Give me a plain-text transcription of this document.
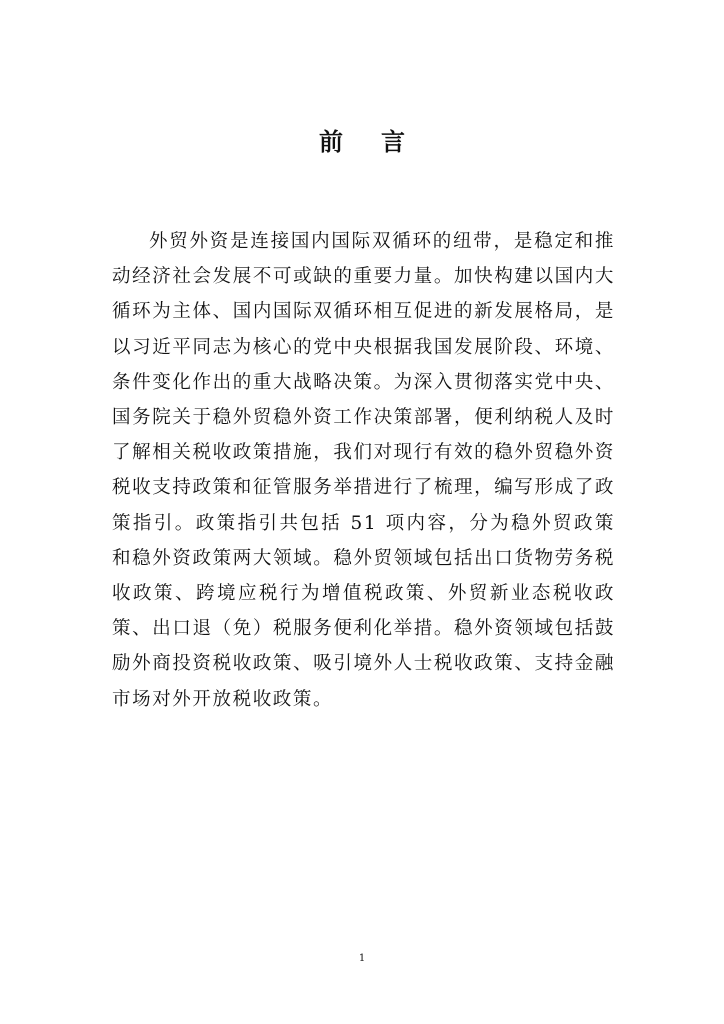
前 言

外贸外资是连接国内国际双循环的纽带，是稳定和推动经济社会发展不可或缺的重要力量。加快构建以国内大循环为主体、国内国际双循环相互促进的新发展格局，是以习近平同志为核心的党中央根据我国发展阶段、环境、条件变化作出的重大战略决策。为深入贯彻落实党中央、国务院关于稳外贸稳外资工作决策部署，便利纳税人及时了解相关税收政策措施，我们对现行有效的稳外贸稳外资税收支持政策和征管服务举措进行了梳理，编写形成了政策指引。政策指引共包括 51 项内容，分为稳外贸政策和稳外资政策两大领域。稳外贸领域包括出口货物劳务税收政策、跨境应税行为增值税政策、外贸新业态税收政策、出口退（免）税服务便利化举措。稳外资领域包括鼓励外商投资税收政策、吸引境外人士税收政策、支持金融市场对外开放税收政策。

1
